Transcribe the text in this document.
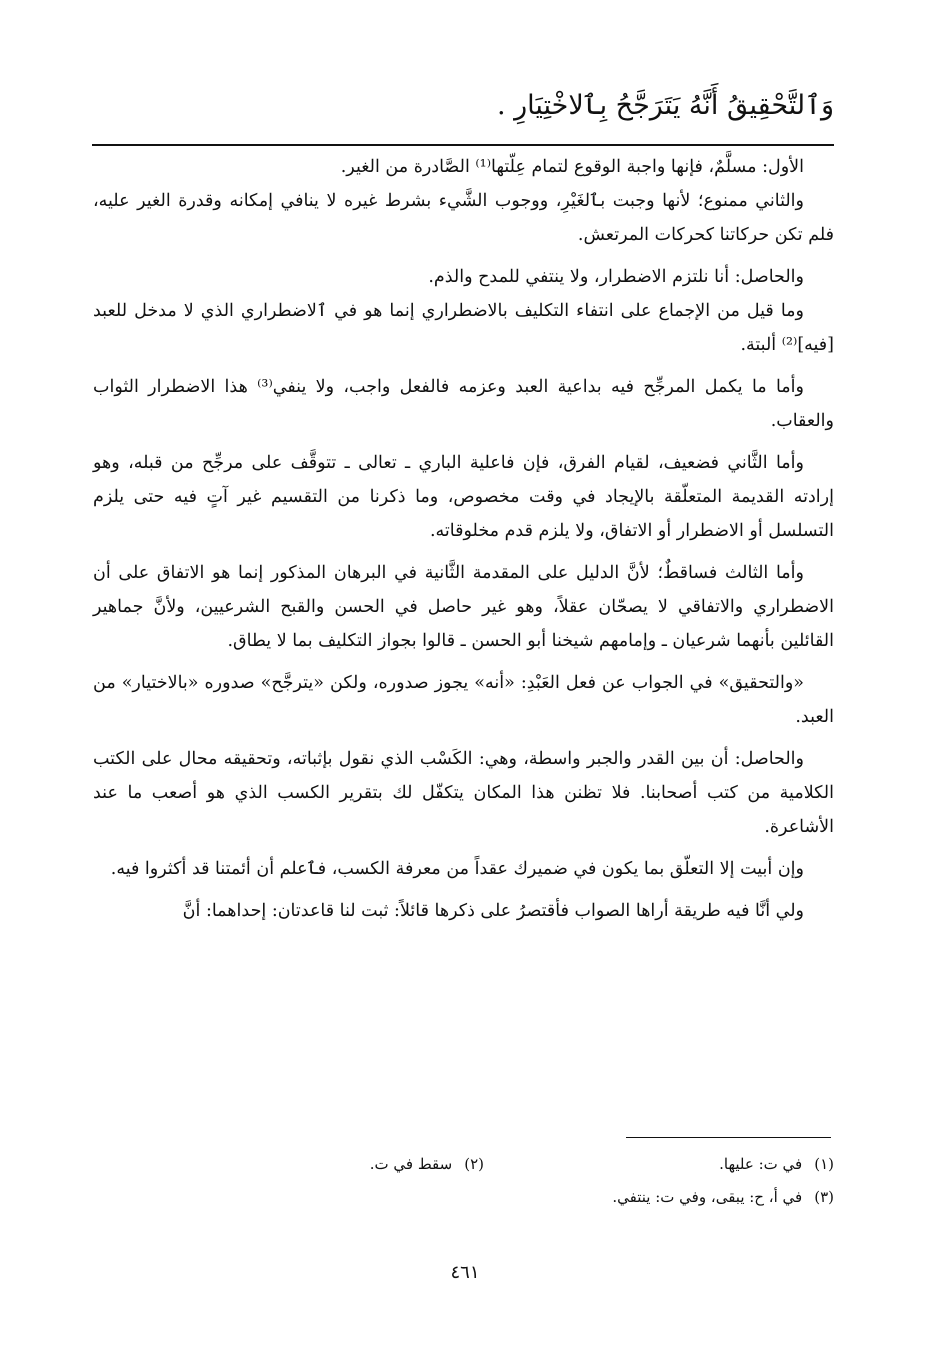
وَٱلتَّحْقِيقُ أَنَّهُ يَتَرَجَّحُ بِٱلاخْتِيَارِ .

الأول: مسلَّمٌ، فإنها واجبة الوقوع لتمام عِلّتها⁽¹⁾ الصَّادرة من الغير.

والثاني ممنوع؛ لأنها وجبت بٱلغَيْرِ، ووجوب الشَّيء بشرط غيره لا ينافي إمكانه وقدرة الغير عليه، فلم تكن حركاتنا كحركات المرتعش.

والحاصل: أنا نلتزم الاضطرار، ولا ينتفي للمدح والذم.

وما قيل من الإجماع على انتفاء التكليف بالاضطراري إنما هو في ٱلاضطراري الذي لا مدخل للعبد [فيه]⁽²⁾ ألبتة.

وأما ما يكمل المرجِّح فيه بداعية العبد وعزمه فالفعل واجب، ولا ينفي⁽³⁾ هذا الاضطرار الثواب والعقاب.

وأما الثَّاني فضعيف، لقيام الفرق، فإن فاعلية الباري ـ تعالى ـ تتوقَّف على مرجِّح من قبله، وهو إرادته القديمة المتعلّقة بالإيجاد في وقت مخصوص، وما ذكرنا من التقسيم غير آتٍ فيه حتى يلزم التسلسل أو الاضطرار أو الاتفاق، ولا يلزم قدم مخلوقاته.

وأما الثالث فساقطٌ؛ لأنَّ الدليل على المقدمة الثَّانية في البرهان المذكور إنما هو الاتفاق على أن الاضطراري والاتفاقي لا يصحّان عقلاً، وهو غير حاصل في الحسن والقبح الشرعيين، ولأنَّ جماهير القائلين بأنهما شرعيان ـ وإمامهم شيخنا أبو الحسن ـ قالوا بجواز التكليف بما لا يطاق.

«والتحقيق» في الجواب عن فعل العَبْدِ: «أنه» يجوز صدوره، ولكن «يترجَّح» صدوره «بالاختيار» من العبد.

والحاصل: أن بين القدر والجبر واسطة، وهي: الكَسْب الذي نقول بإثباته، وتحقيقه محال على الكتب الكلامية من كتب أصحابنا. فلا تظنن هذا المكان يتكفّل لك بتقرير الكسب الذي هو أصعب ما عند الأشاعرة.

وإن أبيت إلا التعلّق بما يكون في ضميرك عقداً من معرفة الكسب، فٱعلم أن أئمتنا قد أكثروا فيه.

ولي أنَّا فيه طريقة أراها الصواب فأقتصرُ على ذكرها قائلاً: ثبت لنا قاعدتان: إحداهما: أنَّ

(١)في ت: عليها.
(٢)سقط في ت.
(٣)في أ، ح: يبقى، وفي ت: ينتفي.
٤٦١
